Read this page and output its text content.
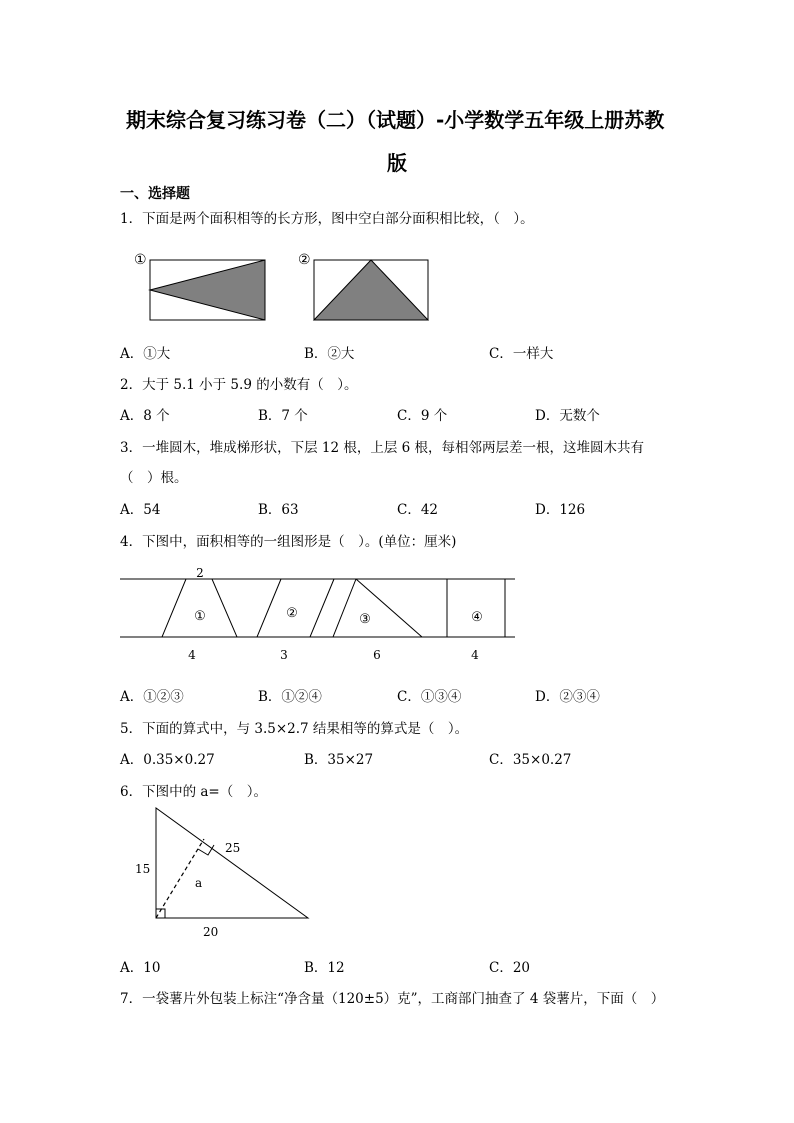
期末综合复习练习卷（二）（试题）-小学数学五年级上册苏教
版
一、选择题
1．下面是两个面积相等的长方形，图中空白部分面积相比较，（　）。
①	②
A．①大	B．②大	C．一样大
2．大于 5.1 小于 5.9 的小数有（　）。
A．8 个	B．7 个	C．9 个	D．无数个
3．一堆圆木，堆成梯形状，下层 12 根，上层 6 根，每相邻两层差一根，这堆圆木共有
（　）根。
A．54	B．63	C．42	D．126
4．下图中，面积相等的一组图形是（　）。(单位：厘米)
2
①	②	③	④
4	3	6	4
A．①②③	B．①②④	C．①③④	D．②③④
5．下面的算式中，与 3.5×2.7 结果相等的算式是（　）。
A．0.35×0.27	B．35×27	C．35×0.27
6．下图中的 a=（　）。
15
25
a
20
A．10	B．12	C．20
7．一袋薯片外包装上标注“净含量（120±5）克”，工商部门抽查了 4 袋薯片，下面（　）
